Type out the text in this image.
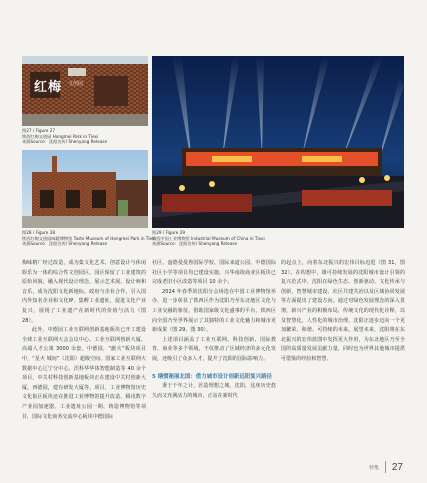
红梅 文创园
图27 / Figure 27
铁西红梅文创园 Hongmei Park in Tiexi
来源Source：沈阳宣传/ Shenyang Release
图28 / Figure 28
铁西红梅文创园味精博物馆 Taste Museum of Hongmei Park in Tiexi
来源Source：沈阳宣传/ Shenyang Release
图29 / Figure 29
铁西中国工业博物馆 Industrial Museum of China in Tiexi
来源Source：沈阳宣传/ Shenyang Release

梅味精厂经过改造，成为集文化艺术、创意设计与休闲娱乐为一体的综合性文创园区。园区保留了工业建筑的原始风貌，融入现代设计理念，展示艺术展、设计师和音乐，成为沈阳文化新地标。政府与企业合作，引入国内外知名企业和文化IP、集孵工业遗址，促进文化产业复兴，展现了工业遗产在新时代的价值与活力（图 28）。

此外，中德园工业互联网创新基地板块已开工建设全球工业互联网大会会议中心、工业互联网创新大厦、高端人才公寓 3000 余套。中德园，“献火”板块项目中，“星火 城间”（沈阳）超级空间、国家工业互联网大数据中心辽宁分中心、沃科华华体智能制造等 40 余个项目，中关村科技创新基地板块正在建设中关村创新大厦、西德园，建有研发大厦等，项目，工业博物馆历史文化街区板块还在推进工业博物馆提升改造、腾讯数字产业园加速器、工业遗址公园一期、铸造博物馆等项目，国际文化商务交流中心板块中德国际

社区、盎德曼曼鲁国际学校、国际来道公园、中德国际社区小学等项目均已建设实施。兴华南街商业区板块已完成老旧小区改造等项目 10 余个。

2024 年春季的沈阳分会场选在中国工业博物馆举办，进一步彰显了铁西区作为沈阳乃至东北地区文化与工业交融的象征。借助国家级文化盛事的平台，铁西区向全国乃至世界展示了其独特的工业文化魅力和城市更新成果（图 29，图 30）。

上述项目涵盖了工业互联网、科技创新、国际教育、商业等多个领域，不仅推动了区域经济的多元化发展，还吸引了众多人才，提升了沈阳的国际影响力。

5 缮惯秘丽北国：借力城市设计创新远阳复兴路径

秉于千年之计，匠造理想之城。沈阳，这座历史悠久而又充满活力的城市，正站在新时代

的起点上，向着东北振兴的宏伟目标迈进（图 31，图 32）。在构想中，雄可持续发展的沈阳城市设计引领的复兴范式中，沈阳在绿色生态、创新驱动、文化传承与创新、智慧城市建设、社区共建共治以及区域协同发展等方面提出了建设方向。通过对绿色发展理念的深入贯彻，新兴产业的积极布局，传统文化的现代化诠释，以及智慧化、人性化的城市治理，沈阳正逐步迈向一个更加繁荣、和谐、可持续的未来。展望未来，沈阳将在东北振兴的宏伟蓝图中发挥更大作用，为东北地区乃至全国的高质量发展贡献力量，同时也为世界其他城市提供可借鉴的经验和智慧。

特集 27
